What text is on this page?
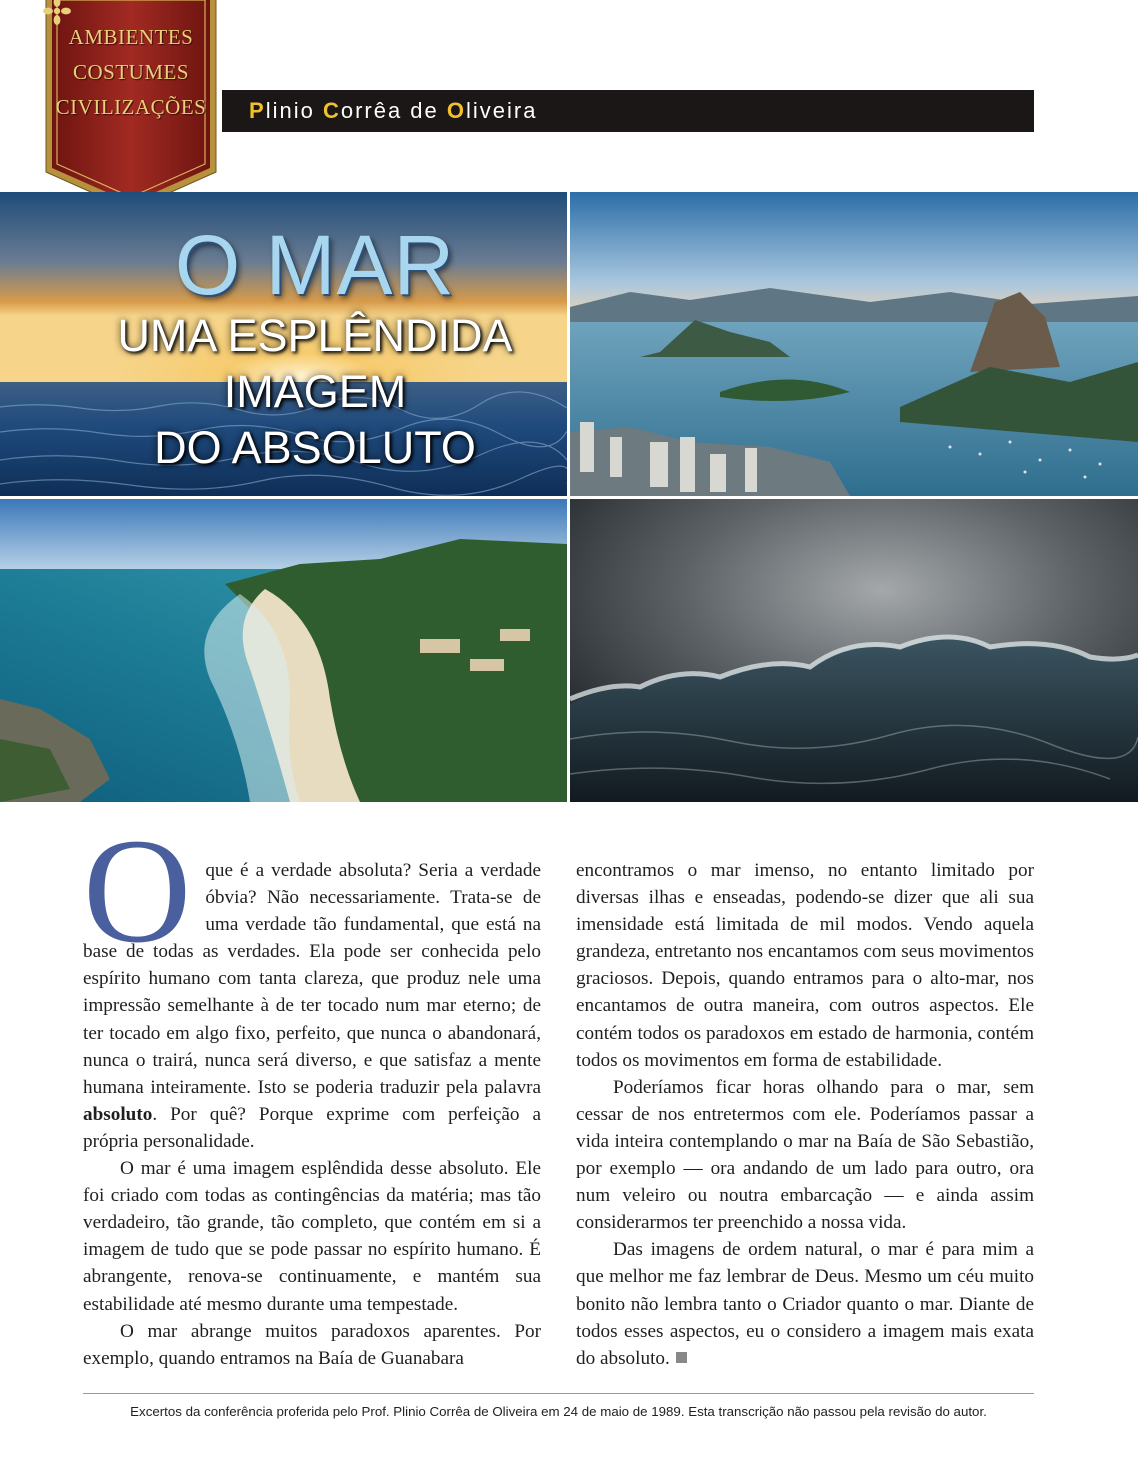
AMBIENTES
COSTUMES
CIVILIZAÇÕES	Plinio Corrêa de Oliveira
O MAR
UMA ESPLÊNDIDA
IMAGEM
DO ABSOLUTO

O que é a verdade absoluta? Seria a verdade óbvia? Não necessariamente. Trata-se de uma verdade tão fundamental, que está na base de todas as verdades. Ela pode ser conhecida pelo espírito humano com tanta clareza, que produz nele uma impressão semelhante à de ter tocado num mar eterno; de ter tocado em algo fixo, perfeito, que nunca o abandonará, nunca o trairá, nunca será diverso, e que satisfaz a mente humana inteiramente. Isto se poderia traduzir pela palavra absoluto. Por quê? Porque exprime com perfeição a própria personalidade.

O mar é uma imagem esplêndida desse absoluto. Ele foi criado com todas as contingências da matéria; mas tão verdadeiro, tão grande, tão completo, que contém em si a imagem de tudo que se pode passar no espírito humano. É abrangente, renova-se continuamente, e mantém sua estabilidade até mesmo durante uma tempestade.

O mar abrange muitos paradoxos aparentes. Por exemplo, quando entramos na Baía de Guanabara

encontramos o mar imenso, no entanto limitado por diversas ilhas e enseadas, podendo-se dizer que ali sua imensidade está limitada de mil modos. Vendo aquela grandeza, entretanto nos encantamos com seus movimentos graciosos. Depois, quando entramos para o alto-mar, nos encantamos de outra maneira, com outros aspectos. Ele contém todos os paradoxos em estado de harmonia, contém todos os movimentos em forma de estabilidade.

Poderíamos ficar horas olhando para o mar, sem cessar de nos entretermos com ele. Poderíamos passar a vida inteira contemplando o mar na Baía de São Sebastião, por exemplo — ora andando de um lado para outro, ora num veleiro ou noutra embarcação — e ainda assim considerarmos ter preenchido a nossa vida.

Das imagens de ordem natural, o mar é para mim a que melhor me faz lembrar de Deus. Mesmo um céu muito bonito não lembra tanto o Criador quanto o mar. Diante de todos esses aspectos, eu o considero a imagem mais exata do absoluto.

Excertos da conferência proferida pelo Prof. Plinio Corrêa de Oliveira em 24 de maio de 1989. Esta transcrição não passou pela revisão do autor.
